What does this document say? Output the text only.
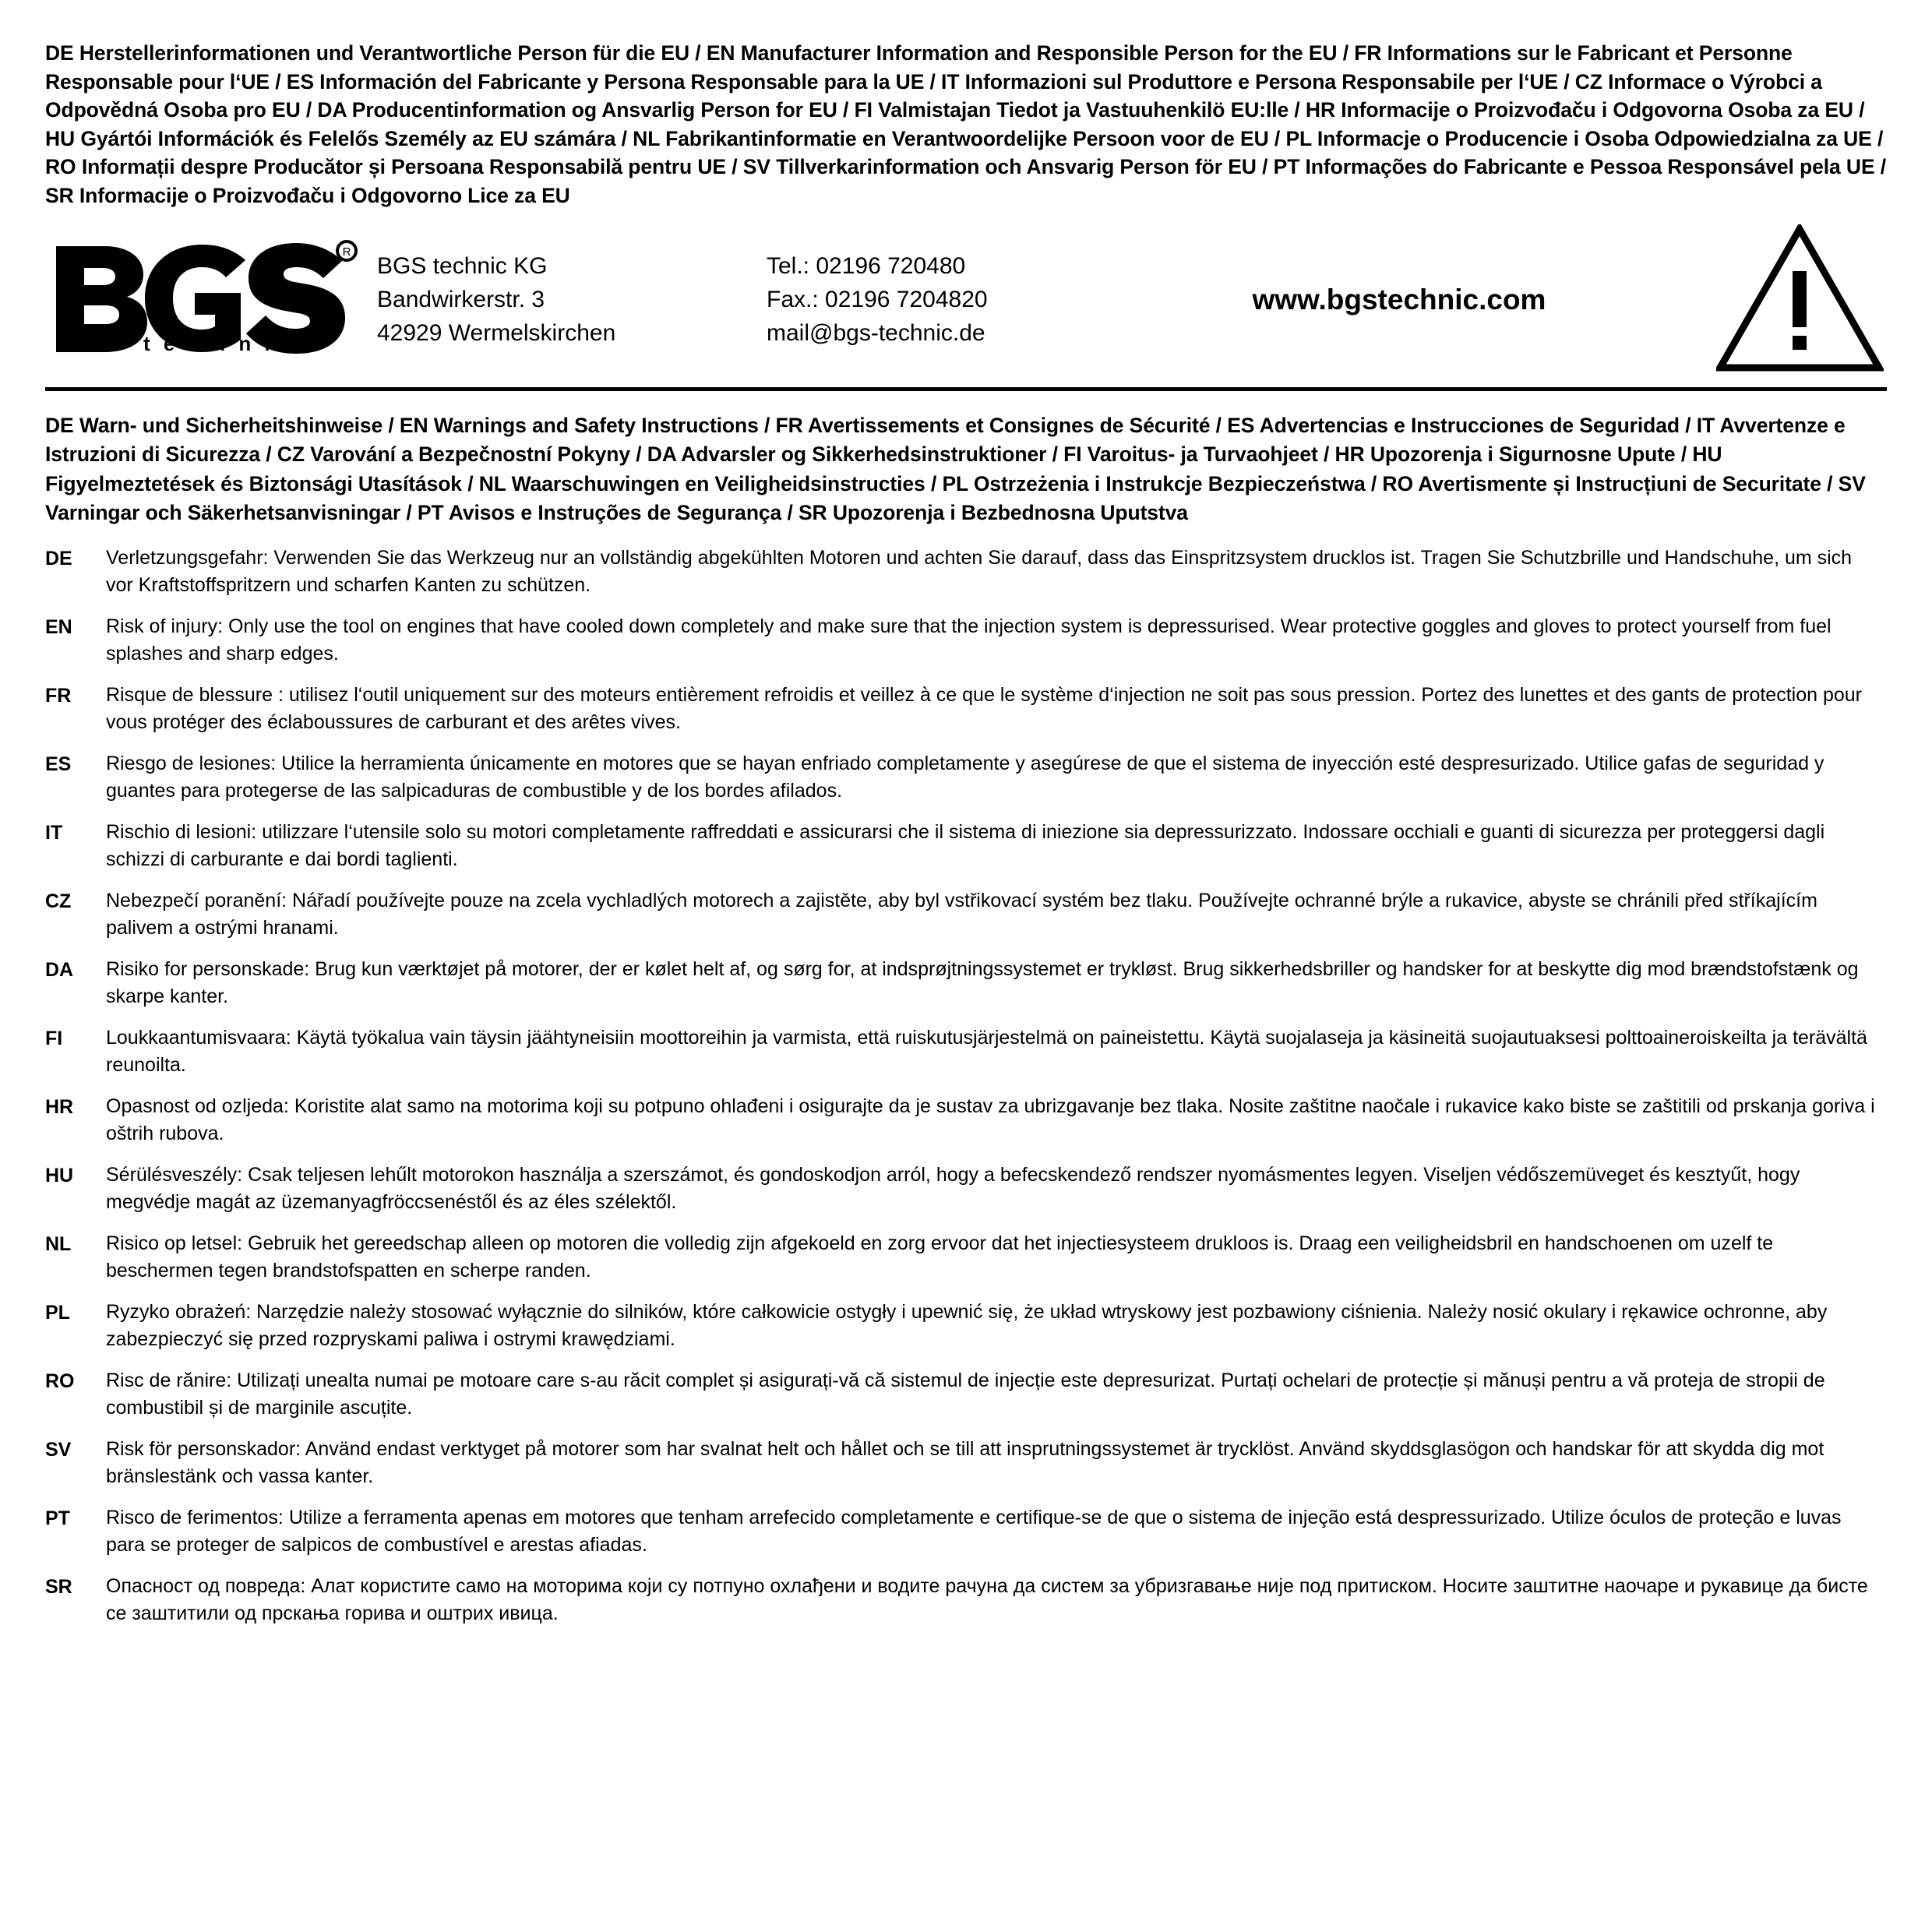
DE Herstellerinformationen und Verantwortliche Person für die EU / EN Manufacturer Information and Responsible Person for the EU / FR Informations sur le Fabricant et Personne Responsable pour l‘UE / ES Información del Fabricante y Persona Responsable para la UE / IT Informazioni sul Produttore e Persona Responsabile per l‘UE / CZ Informace o Výrobci a Odpovědná Osoba pro EU / DA Producentinformation og Ansvarlig Person for EU / FI Valmistajan Tiedot ja Vastuuhenkilö EU:lle / HR Informacije o Proizvođaču i Odgovorna Osoba za EU / HU Gyártói Információk és Felelős Személy az EU számára / NL Fabrikantinformatie en Verantwoordelijke Persoon voor de EU / PL Informacje o Producencie i Osoba Odpowiedzialna za UE / RO Informații despre Producător și Persoana Responsabilă pentru UE / SV Tillverkarinformation och Ansvarig Person för EU / PT Informações do Fabricante e Pessoa Responsável pela UE / SR Informacije o Proizvođaču i Odgovorno Lice za EU
R
t e c h n i c
BGS technic KG
Bandwirkerstr. 3
42929 Wermelskirchen
Tel.: 02196 720480
Fax.: 02196 7204820
mail@bgs-technic.de
www.bgstechnic.com
DE Warn- und Sicherheitshinweise / EN Warnings and Safety Instructions / FR Avertissements et Consignes de Sécurité / ES Advertencias e Instrucciones de Seguridad / IT Avvertenze e Istruzioni di Sicurezza / CZ Varování a Bezpečnostní Pokyny / DA Advarsler og Sikkerhedsinstruktioner / FI Varoitus- ja Turvaohjeet / HR Upozorenja i Sigurnosne Upute / HU Figyelmeztetések és Biztonsági Utasítások / NL Waarschuwingen en Veiligheidsinstructies / PL Ostrzeżenia i Instrukcje Bezpieczeństwa / RO Avertismente și Instrucțiuni de Securitate / SV Varningar och Säkerhetsanvisningar / PT Avisos e Instruções de Segurança / SR Upozorenja i Bezbednosna Uputstva
DE	Verletzungsgefahr: Verwenden Sie das Werkzeug nur an vollständig abgekühlten Motoren und achten Sie darauf, dass das Einspritzsystem drucklos ist. Tragen Sie Schutzbrille und Handschuhe, um sich vor Kraftstoffspritzern und scharfen Kanten zu schützen.
EN	Risk of injury: Only use the tool on engines that have cooled down completely and make sure that the injection system is depressurised. Wear protective goggles and gloves to protect yourself from fuel splashes and sharp edges.
FR	Risque de blessure : utilisez l‘outil uniquement sur des moteurs entièrement refroidis et veillez à ce que le système d‘injection ne soit pas sous pression. Portez des lunettes et des gants de protection pour vous protéger des éclaboussures de carburant et des arêtes vives.
ES	Riesgo de lesiones: Utilice la herramienta únicamente en motores que se hayan enfriado completamente y asegúrese de que el sistema de inyección esté despresurizado. Utilice gafas de seguridad y guantes para protegerse de las salpicaduras de combustible y de los bordes afilados.
IT	Rischio di lesioni: utilizzare l‘utensile solo su motori completamente raffreddati e assicurarsi che il sistema di iniezione sia depressurizzato. Indossare occhiali e guanti di sicurezza per proteggersi dagli schizzi di carburante e dai bordi taglienti.
CZ	Nebezpečí poranění: Nářadí používejte pouze na zcela vychladlých motorech a zajistěte, aby byl vstřikovací systém bez tlaku. Používejte ochranné brýle a rukavice, abyste se chránili před stříkajícím palivem a ostrými hranami.
DA	Risiko for personskade: Brug kun værktøjet på motorer, der er kølet helt af, og sørg for, at indsprøjtningssystemet er trykløst. Brug sikkerhedsbriller og handsker for at beskytte dig mod brændstofstænk og skarpe kanter.
FI	Loukkaantumisvaara: Käytä työkalua vain täysin jäähtyneisiin moottoreihin ja varmista, että ruiskutusjärjestelmä on paineistettu. Käytä suojalaseja ja käsineitä suojautuaksesi polttoaineroiskeilta ja terävältä reunoilta.
HR	Opasnost od ozljeda: Koristite alat samo na motorima koji su potpuno ohlađeni i osigurajte da je sustav za ubrizgavanje bez tlaka. Nosite zaštitne naočale i rukavice kako biste se zaštitili od prskanja goriva i oštrih rubova.
HU	Sérülésveszély: Csak teljesen lehűlt motorokon használja a szerszámot, és gondoskodjon arról, hogy a befecskendező rendszer nyomásmentes legyen. Viseljen védőszemüveget és kesztyűt, hogy megvédje magát az üzemanyagfröccsenéstől és az éles szélektől.
NL	Risico op letsel: Gebruik het gereedschap alleen op motoren die volledig zijn afgekoeld en zorg ervoor dat het injectiesysteem drukloos is. Draag een veiligheidsbril en handschoenen om uzelf te beschermen tegen brandstofspatten en scherpe randen.
PL	Ryzyko obrażeń: Narzędzie należy stosować wyłącznie do silników, które całkowicie ostygły i upewnić się, że układ wtryskowy jest pozbawiony ciśnienia. Należy nosić okulary i rękawice ochronne, aby zabezpieczyć się przed rozpryskami paliwa i ostrymi krawędziami.
RO	Risc de rănire: Utilizați unealta numai pe motoare care s-au răcit complet și asigurați-vă că sistemul de injecție este depresurizat. Purtați ochelari de protecție și mănuși pentru a vă proteja de stropii de combustibil și de marginile ascuțite.
SV	Risk för personskador: Använd endast verktyget på motorer som har svalnat helt och hållet och se till att insprutningssystemet är trycklöst. Använd skyddsglasögon och handskar för att skydda dig mot bränslestänk och vassa kanter.
PT	Risco de ferimentos: Utilize a ferramenta apenas em motores que tenham arrefecido completamente e certifique-se de que o sistema de injeção está despressurizado. Utilize óculos de proteção e luvas para se proteger de salpicos de combustível e arestas afiadas.
SR	Опасност од повреда: Алат користите само на моторима који су потпуно охлађени и водите рачуна да систем за убризгавање није под притиском. Носите заштитне наочаре и рукавице да бисте се заштитили од прскања горива и оштрих ивица.
